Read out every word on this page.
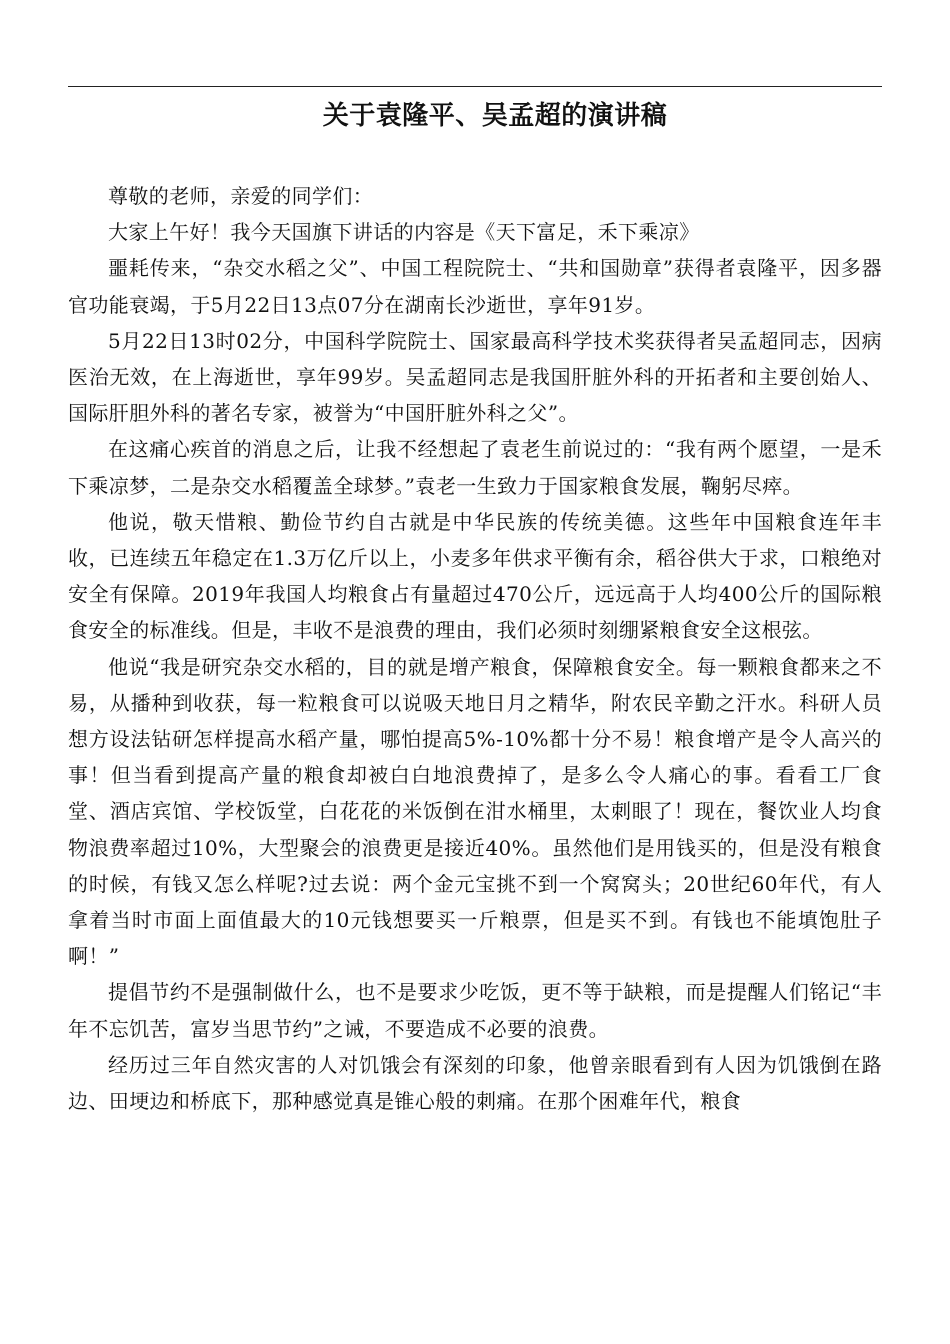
关于袁隆平、吴孟超的演讲稿

尊敬的老师，亲爱的同学们：

大家上午好！我今天国旗下讲话的内容是《天下富足，禾下乘凉》

噩耗传来，“杂交水稻之父”、中国工程院院士、“共和国勋章”获得者袁隆平，因多器官功能衰竭，于5月22日13点07分在湖南长沙逝世，享年91岁。

5月22日13时02分，中国科学院院士、国家最高科学技术奖获得者吴孟超同志，因病医治无效，在上海逝世，享年99岁。吴孟超同志是我国肝脏外科的开拓者和主要创始人、国际肝胆外科的著名专家，被誉为“中国肝脏外科之父”。

在这痛心疾首的消息之后，让我不经想起了袁老生前说过的：“我有两个愿望，一是禾下乘凉梦，二是杂交水稻覆盖全球梦。”袁老一生致力于国家粮食发展，鞠躬尽瘁。

他说，敬天惜粮、勤俭节约自古就是中华民族的传统美德。这些年中国粮食连年丰收，已连续五年稳定在1.3万亿斤以上，小麦多年供求平衡有余，稻谷供大于求，口粮绝对安全有保障。2019年我国人均粮食占有量超过470公斤，远远高于人均400公斤的国际粮食安全的标准线。但是，丰收不是浪费的理由，我们必须时刻绷紧粮食安全这根弦。

他说“我是研究杂交水稻的，目的就是增产粮食，保障粮食安全。每一颗粮食都来之不易，从播种到收获，每一粒粮食可以说吸天地日月之精华，附农民辛勤之汗水。科研人员想方设法钻研怎样提高水稻产量，哪怕提高5%-10%都十分不易！粮食增产是令人高兴的事！但当看到提高产量的粮食却被白白地浪费掉了，是多么令人痛心的事。看看工厂食堂、酒店宾馆、学校饭堂，白花花的米饭倒在泔水桶里，太刺眼了！现在，餐饮业人均食物浪费率超过10%，大型聚会的浪费更是接近40%。虽然他们是用钱买的，但是没有粮食的时候，有钱又怎么样呢?过去说：两个金元宝挑不到一个窝窝头；20世纪60年代，有人拿着当时市面上面值最大的10元钱想要买一斤粮票，但是买不到。有钱也不能填饱肚子啊！”

提倡节约不是强制做什么，也不是要求少吃饭，更不等于缺粮，而是提醒人们铭记“丰年不忘饥苦，富岁当思节约”之诫，不要造成不必要的浪费。

经历过三年自然灾害的人对饥饿会有深刻的印象，他曾亲眼看到有人因为饥饿倒在路边、田埂边和桥底下，那种感觉真是锥心般的刺痛。在那个困难年代，粮食
